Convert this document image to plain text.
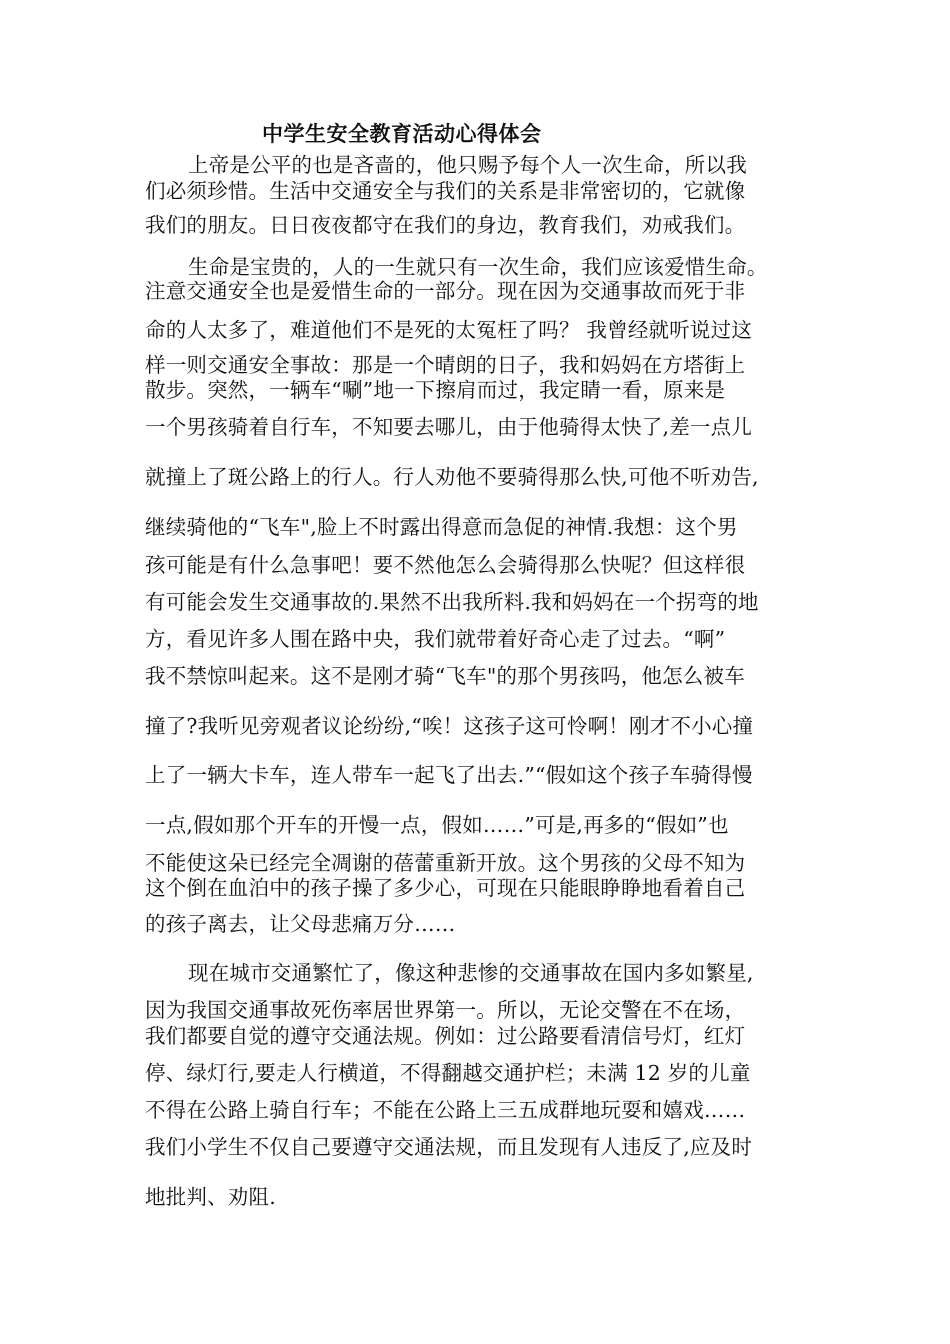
中学生安全教育活动心得体会
上帝是公平的也是吝啬的，他只赐予每个人一次生命，所以我
们必须珍惜。生活中交通安全与我们的关系是非常密切的，它就像
我们的朋友。日日夜夜都守在我们的身边，教育我们，劝戒我们。
生命是宝贵的，人的一生就只有一次生命，我们应该爱惜生命。
注意交通安全也是爱惜生命的一部分。现在因为交通事故而死于非
命的人太多了，难道他们不是死的太冤枉了吗？ 我曾经就听说过这
样一则交通安全事故：那是一个晴朗的日子，我和妈妈在方塔街上
散步。突然，一辆车“唰”地一下擦肩而过，我定睛一看，原来是
一个男孩骑着自行车，不知要去哪儿，由于他骑得太快了,差一点儿
就撞上了斑公路上的行人。行人劝他不要骑得那么快,可他不听劝告,
继续骑他的“飞车",脸上不时露出得意而急促的神情.我想：这个男
孩可能是有什么急事吧！要不然他怎么会骑得那么快呢？但这样很
有可能会发生交通事故的.果然不出我所料.我和妈妈在一个拐弯的地
方，看见许多人围在路中央，我们就带着好奇心走了过去。“啊”
我不禁惊叫起来。这不是刚才骑“飞车"的那个男孩吗，他怎么被车
撞了?我听见旁观者议论纷纷,“唉！这孩子这可怜啊！刚才不小心撞
上了一辆大卡车，连人带车一起飞了出去.”“假如这个孩子车骑得慢
一点,假如那个开车的开慢一点，假如……”可是,再多的“假如”也
不能使这朵已经完全凋谢的蓓蕾重新开放。这个男孩的父母不知为
这个倒在血泊中的孩子操了多少心，可现在只能眼睁睁地看着自己
的孩子离去，让父母悲痛万分……
现在城市交通繁忙了，像这种悲惨的交通事故在国内多如繁星,
因为我国交通事故死伤率居世界第一。所以，无论交警在不在场，
我们都要自觉的遵守交通法规。例如：过公路要看清信号灯，红灯
停、绿灯行,要走人行横道，不得翻越交通护栏；未满 12 岁的儿童
不得在公路上骑自行车；不能在公路上三五成群地玩耍和嬉戏……
我们小学生不仅自己要遵守交通法规，而且发现有人违反了,应及时
地批判、劝阻.
